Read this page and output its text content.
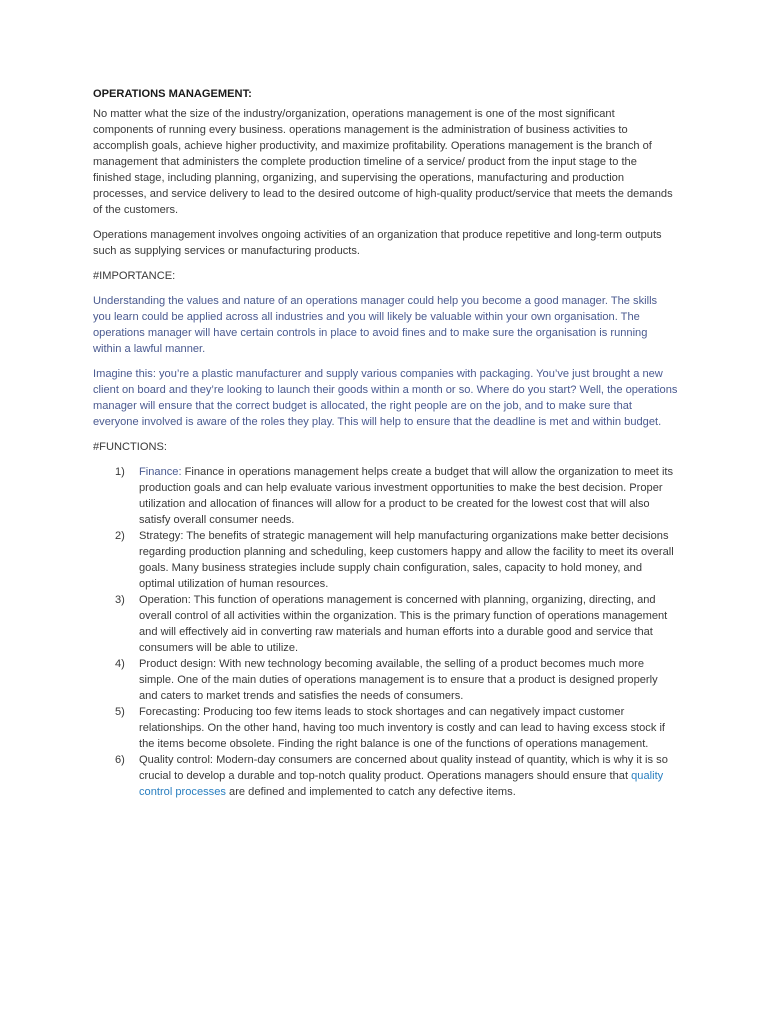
OPERATIONS MANAGEMENT:

No matter what the size of the industry/organization, operations management is one of the most significant components of running every business. operations management is the administration of business activities to accomplish goals, achieve higher productivity, and maximize profitability. Operations management is the branch of management that administers the complete production timeline of a service/ product from the input stage to the finished stage, including planning, organizing, and supervising the operations, manufacturing and production processes, and service delivery to lead to the desired outcome of high-quality product/service that meets the demands of the customers.

Operations management involves ongoing activities of an organization that produce repetitive and long-term outputs such as supplying services or manufacturing products.

#IMPORTANCE:

Understanding the values and nature of an operations manager could help you become a good manager. The skills you learn could be applied across all industries and you will likely be valuable within your own organisation. The operations manager will have certain controls in place to avoid fines and to make sure the organisation is running within a lawful manner.

Imagine this: you’re a plastic manufacturer and supply various companies with packaging. You’ve just brought a new client on board and they’re looking to launch their goods within a month or so. Where do you start? Well, the operations manager will ensure that the correct budget is allocated, the right people are on the job, and to make sure that everyone involved is aware of the roles they play. This will help to ensure that the deadline is met and within budget.

#FUNCTIONS:
1) Finance: Finance in operations management helps create a budget that will allow the organization to meet its production goals and can help evaluate various investment opportunities to make the best decision. Proper utilization and allocation of finances will allow for a product to be created for the lowest cost that will also satisfy overall consumer needs.
2) Strategy: The benefits of strategic management will help manufacturing organizations make better decisions regarding production planning and scheduling, keep customers happy and allow the facility to meet its overall goals. Many business strategies include supply chain configuration, sales, capacity to hold money, and optimal utilization of human resources.
3) Operation: This function of operations management is concerned with planning, organizing, directing, and overall control of all activities within the organization. This is the primary function of operations management and will effectively aid in converting raw materials and human efforts into a durable good and service that consumers will be able to utilize.
4) Product design: With new technology becoming available, the selling of a product becomes much more simple. One of the main duties of operations management is to ensure that a product is designed properly and caters to market trends and satisfies the needs of consumers.
5) Forecasting: Producing too few items leads to stock shortages and can negatively impact customer relationships. On the other hand, having too much inventory is costly and can lead to having excess stock if the items become obsolete. Finding the right balance is one of the functions of operations management.
6) Quality control: Modern-day consumers are concerned about quality instead of quantity, which is why it is so crucial to develop a durable and top-notch quality product. Operations managers should ensure that quality control processes are defined and implemented to catch any defective items.
